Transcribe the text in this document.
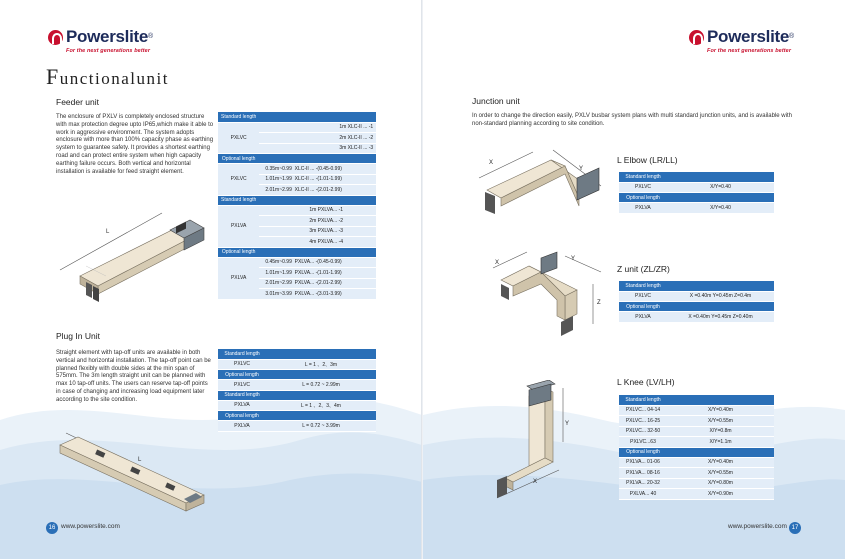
Powerslite®
For the next generations better
Functionalunit
Feeder unit
The enclosure of PXLV is completely enclosed structure with max protection degree upto IP65,which make it able to work in aggressive environment. The system adopts enclosure with more than 100% capacity phase as earthing system to guarantee safety. It provides a shortest earthing road and can protect entire system when high capacity earthing failure occurs. Both vertical and horizontal installation is available for feed straight element.
L
Standard length	
PXLVC	1m XLC-II ... -1
	2m XLC-II ... -2
	3m XLC-II ... -3
Optional length	
PXLVC	0.35m~0.99 XLC-II ... -(0.45-0.99)
	1.01m~1.99 XLC-II ... -(1.01-1.99)
	2.01m~2.99 XLC-II ... -(2.01-2.99)
Standard length	
PXLVA	1m PXLVA... -1
	2m PXLVA... -2
	3m PXLVA... -3
	4m PXLVA... -4
Optional length	
PXLVA	0.45m~0.99 PXLVA... -(0.45-0.99)
	1.01m~1.99 PXLVA... -(1.01-1.99)
	2.01m~2.99 PXLVA... -(2.01-2.99)
	3.01m~3.99 PXLVA... -(3.01-3.99)
Plug In Unit
Straight element with tap-off units are available in both vertical and horizontal installation. The tap-off point can be planned flexibly with double sides at the min span of 575mm. The 3m length straight unit can be planned with max 10 tap-off units. The users can reserve tap-off points in case of changing and increasing load equipment later according to the site condition.
L
Standard length	
PXLVC	L = 1 、2、3m
Optional length	
PXLVC	L = 0.72 ~ 2.99m
Standard length	
PXLVA	L = 1 、2、3、4m
Optional length	
PXLVA	L = 0.72 ~ 3.99m
16 www.powerslite.com
Powerslite®
For the next generations better
Junction unit
In order to change the direction easily, PXLV busbar system plans with multi standard junction units, and is available with non-standard planning according to site condition.
X
Y
L Elbow (LR/LL)
Standard length	
PXLVC	X/Y=0.40
Optional length	
PXLVA	X/Y=0.40
X
Y
Z
Z unit (ZL/ZR)
Standard length	
PXLVC	X =0.40m Y=0.45m Z=0.4m
Optional length	
PXLVA	X =0.40m Y=0.45m Z=0.40m
Y
X
L Knee (LV/LH)
Standard length	
PXLVC... 04-14	X/Y=0.40m
PXLVC... 16-25	X/Y=0.55m
PXLVC... 32-50	X/Y=0.8m
PXLVC...63	X/Y=1.1m
Optional length	
PXLVA... 01-06	X/Y=0.40m
PXLVA... 08-16	X/Y=0.55m
PXLVA... 20-32	X/Y=0.80m
PXLVA... 40	X/Y=0.90m
www.powerslite.com 17
